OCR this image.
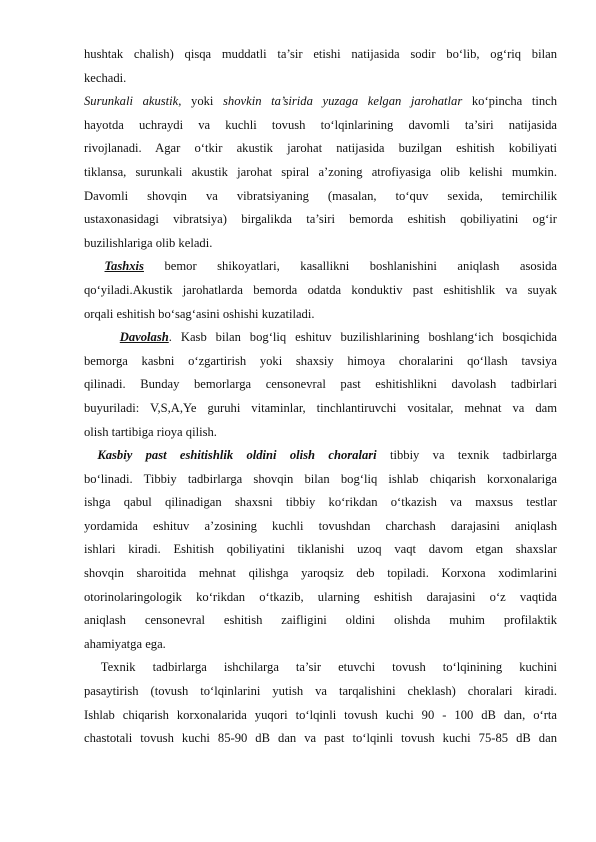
hushtak chalish) qisqa muddatli ta’sir etishi natijasida sodir bo‘lib, og‘riq bilan
kechadi.
Surunkali akustik, yoki shovkin ta’sirida yuzaga kelgan jarohatlar ko‘pincha tinch
hayotda uchraydi va kuchli tovush to‘lqinlarining davomli ta’siri natijasida
rivojlanadi. Agar o‘tkir akustik jarohat natijasida buzilgan eshitish kobiliyati
tiklansa, surunkali akustik jarohat spiral a’zoning atrofiyasiga olib kelishi mumkin.
Davomli shovqin va vibratsiyaning (masalan, to‘quv sexida, temirchilik
ustaxonasidagi vibratsiya) birgalikda ta’siri bemorda eshitish qobiliyatini og‘ir
buzilishlariga olib keladi.
Tashxis bemor shikoyatlari, kasallikni boshlanishini aniqlash asosida
qo‘yiladi.Akustik jarohatlarda bemorda odatda konduktiv past eshitishlik va suyak
orqali eshitish bo‘sag‘asini oshishi kuzatiladi.
Davolash. Kasb bilan bog‘liq eshituv buzilishlarining boshlang‘ich bosqichida
bemorga kasbni o‘zgartirish yoki shaxsiy himoya choralarini qo‘llash tavsiya
qilinadi. Bunday bemorlarga censonevral past eshitishlikni davolash tadbirlari
buyuriladi: V,S,A,Ye guruhi vitaminlar, tinchlantiruvchi vositalar, mehnat va dam
olish tartibiga rioya qilish.
Kasbiy past eshitishlik oldini olish choralari tibbiy va texnik tadbirlarga
bo‘linadi. Tibbiy tadbirlarga shovqin bilan bog‘liq ishlab chiqarish korxonalariga
ishga qabul qilinadigan shaxsni tibbiy ko‘rikdan o‘tkazish va maxsus testlar
yordamida eshituv a’zosining kuchli tovushdan charchash darajasini aniqlash
ishlari kiradi. Eshitish qobiliyatini tiklanishi uzoq vaqt davom etgan shaxslar
shovqin sharoitida mehnat qilishga yaroqsiz deb topiladi. Korxona xodimlarini
otorinolaringologik ko‘rikdan o‘tkazib, ularning eshitish darajasini o‘z vaqtida
aniqlash censonevral eshitish zaifligini oldini olishda muhim profilaktik
ahamiyatga ega.
Texnik tadbirlarga ishchilarga ta’sir etuvchi tovush to‘lqinining kuchini
pasaytirish (tovush to‘lqinlarini yutish va tarqalishini cheklash) choralari kiradi.
Ishlab chiqarish korxonalarida yuqori to‘lqinli tovush kuchi 90 - 100 dB dan, o‘rta
chastotali tovush kuchi 85-90 dB dan va past to‘lqinli tovush kuchi 75-85 dB dan
